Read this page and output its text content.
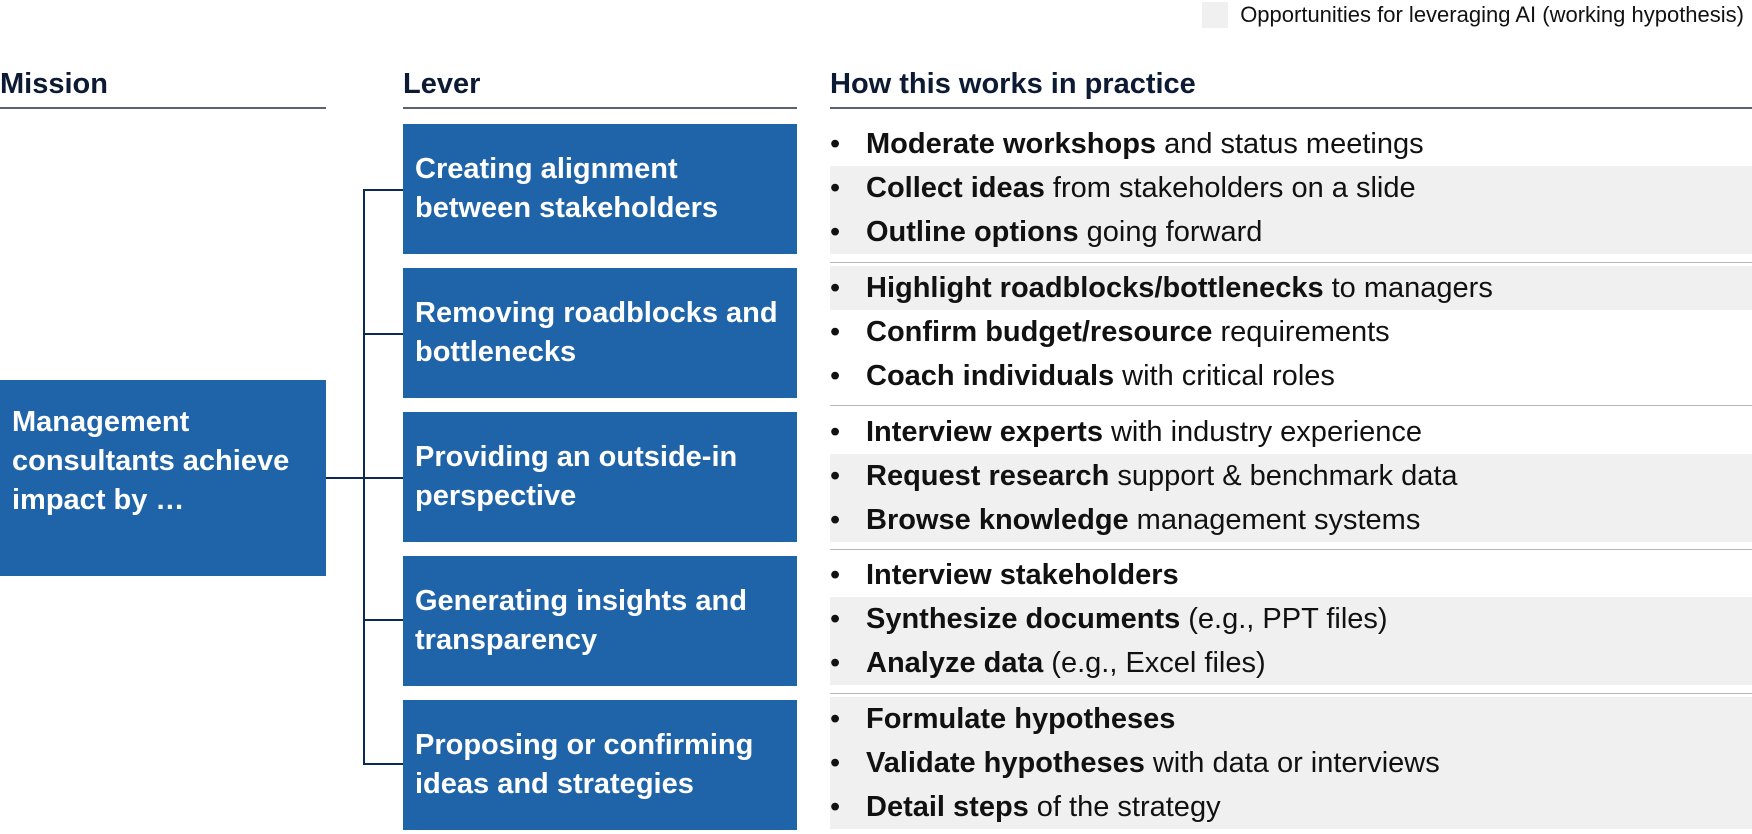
Opportunities for leveraging AI (working hypothesis)
Mission	Lever	How this works in practice
Management consultants achieve impact by …
Creating alignment between stakeholders
Removing roadblocks and bottlenecks
Providing an outside-in perspective
Generating insights and transparency
Proposing or confirming ideas and strategies
• Moderate workshops and status meetings
• Collect ideas from stakeholders on a slide
• Outline options going forward
• Highlight roadblocks/bottlenecks to managers
• Confirm budget/resource requirements
• Coach individuals with critical roles
• Interview experts with industry experience
• Request research support & benchmark data
• Browse knowledge management systems
• Interview stakeholders
• Synthesize documents (e.g., PPT files)
• Analyze data (e.g., Excel files)
• Formulate hypotheses
• Validate hypotheses with data or interviews
• Detail steps of the strategy
